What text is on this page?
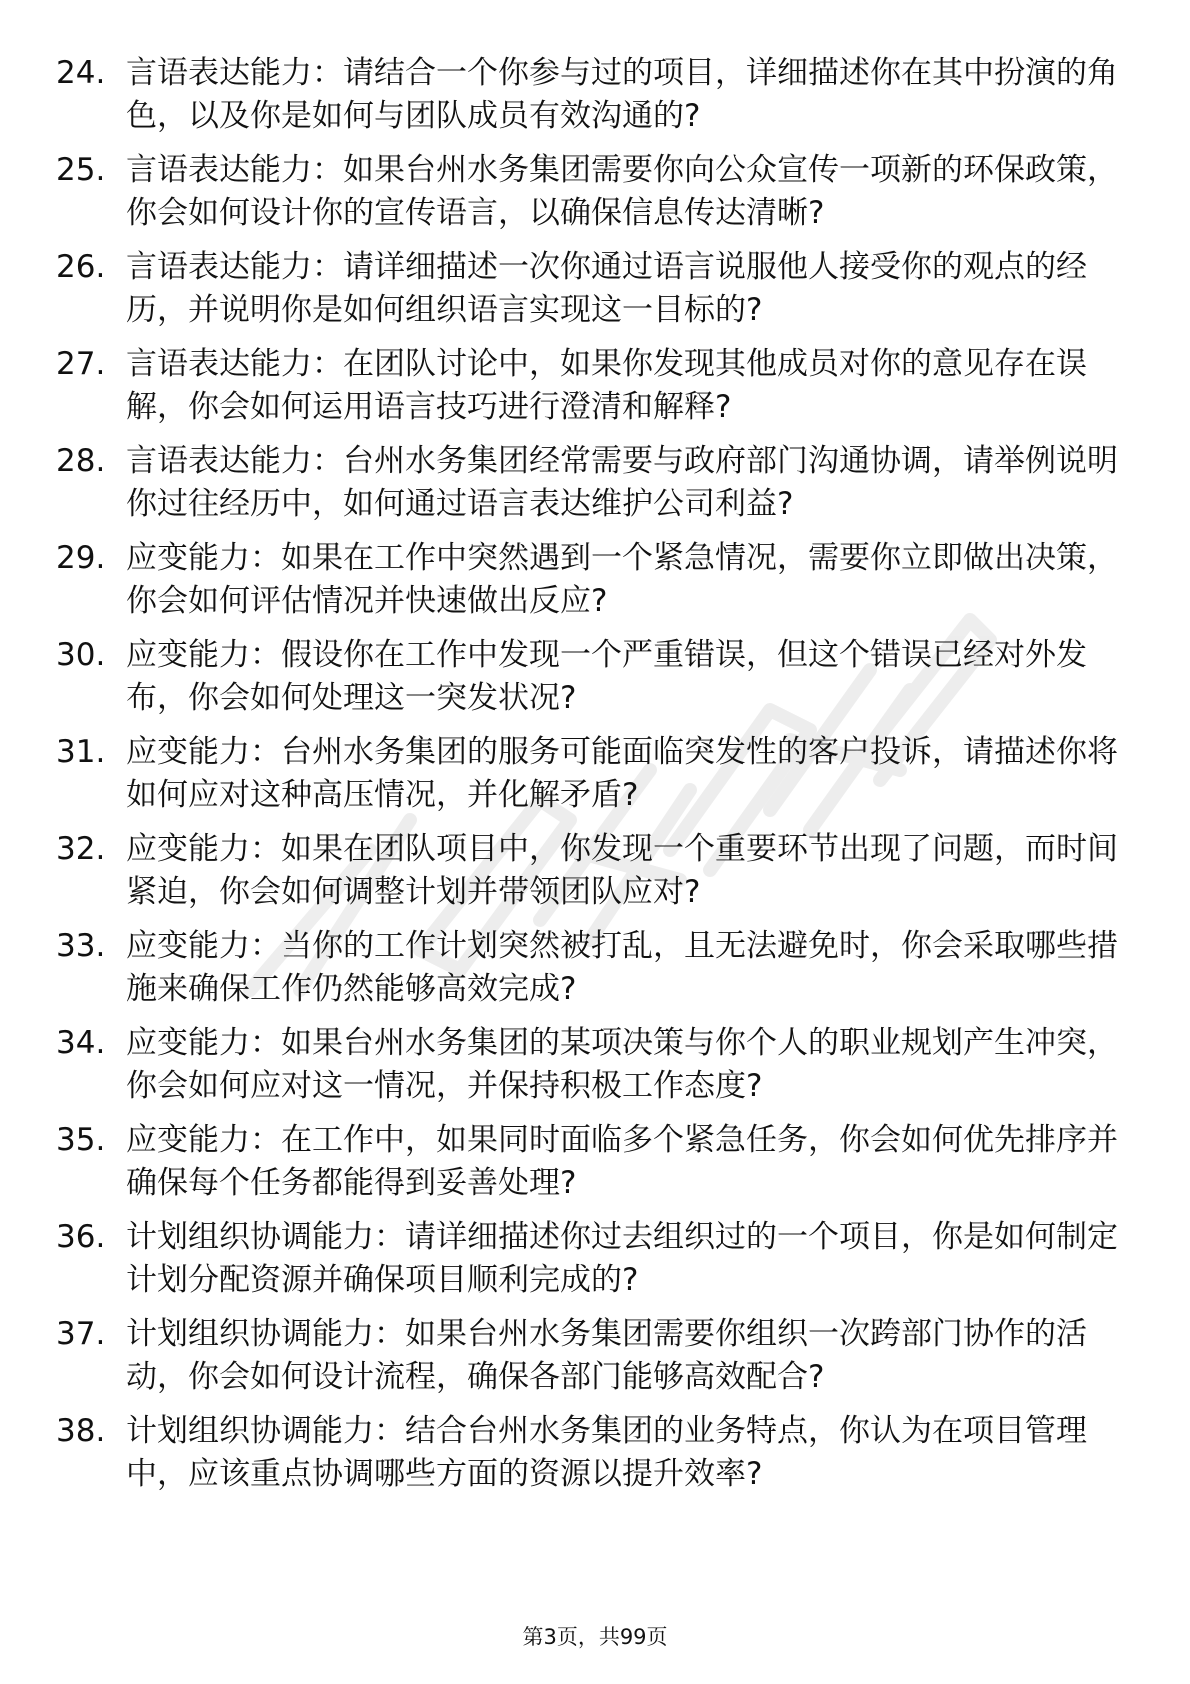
24. 言语表达能力：请结合一个你参与过的项目，详细描述你在其中扮演的角色，以及你是如何与团队成员有效沟通的?
25. 言语表达能力：如果台州水务集团需要你向公众宣传一项新的环保政策，你会如何设计你的宣传语言，以确保信息传达清晰?
26. 言语表达能力：请详细描述一次你通过语言说服他人接受你的观点的经历，并说明你是如何组织语言实现这一目标的?
27. 言语表达能力：在团队讨论中，如果你发现其他成员对你的意见存在误解，你会如何运用语言技巧进行澄清和解释?
28. 言语表达能力：台州水务集团经常需要与政府部门沟通协调，请举例说明你过往经历中，如何通过语言表达维护公司利益?
29. 应变能力：如果在工作中突然遇到一个紧急情况，需要你立即做出决策，你会如何评估情况并快速做出反应?
30. 应变能力：假设你在工作中发现一个严重错误，但这个错误已经对外发布，你会如何处理这一突发状况?
31. 应变能力：台州水务集团的服务可能面临突发性的客户投诉，请描述你将如何应对这种高压情况，并化解矛盾?
32. 应变能力：如果在团队项目中，你发现一个重要环节出现了问题，而时间紧迫，你会如何调整计划并带领团队应对?
33. 应变能力：当你的工作计划突然被打乱，且无法避免时，你会采取哪些措施来确保工作仍然能够高效完成?
34. 应变能力：如果台州水务集团的某项决策与你个人的职业规划产生冲突，你会如何应对这一情况，并保持积极工作态度?
35. 应变能力：在工作中，如果同时面临多个紧急任务，你会如何优先排序并确保每个任务都能得到妥善处理?
36. 计划组织协调能力：请详细描述你过去组织过的一个项目，你是如何制定计划分配资源并确保项目顺利完成的?
37. 计划组织协调能力：如果台州水务集团需要你组织一次跨部门协作的活动，你会如何设计流程，确保各部门能够高效配合?
38. 计划组织协调能力：结合台州水务集团的业务特点，你认为在项目管理中，应该重点协调哪些方面的资源以提升效率?
第3页，共99页
